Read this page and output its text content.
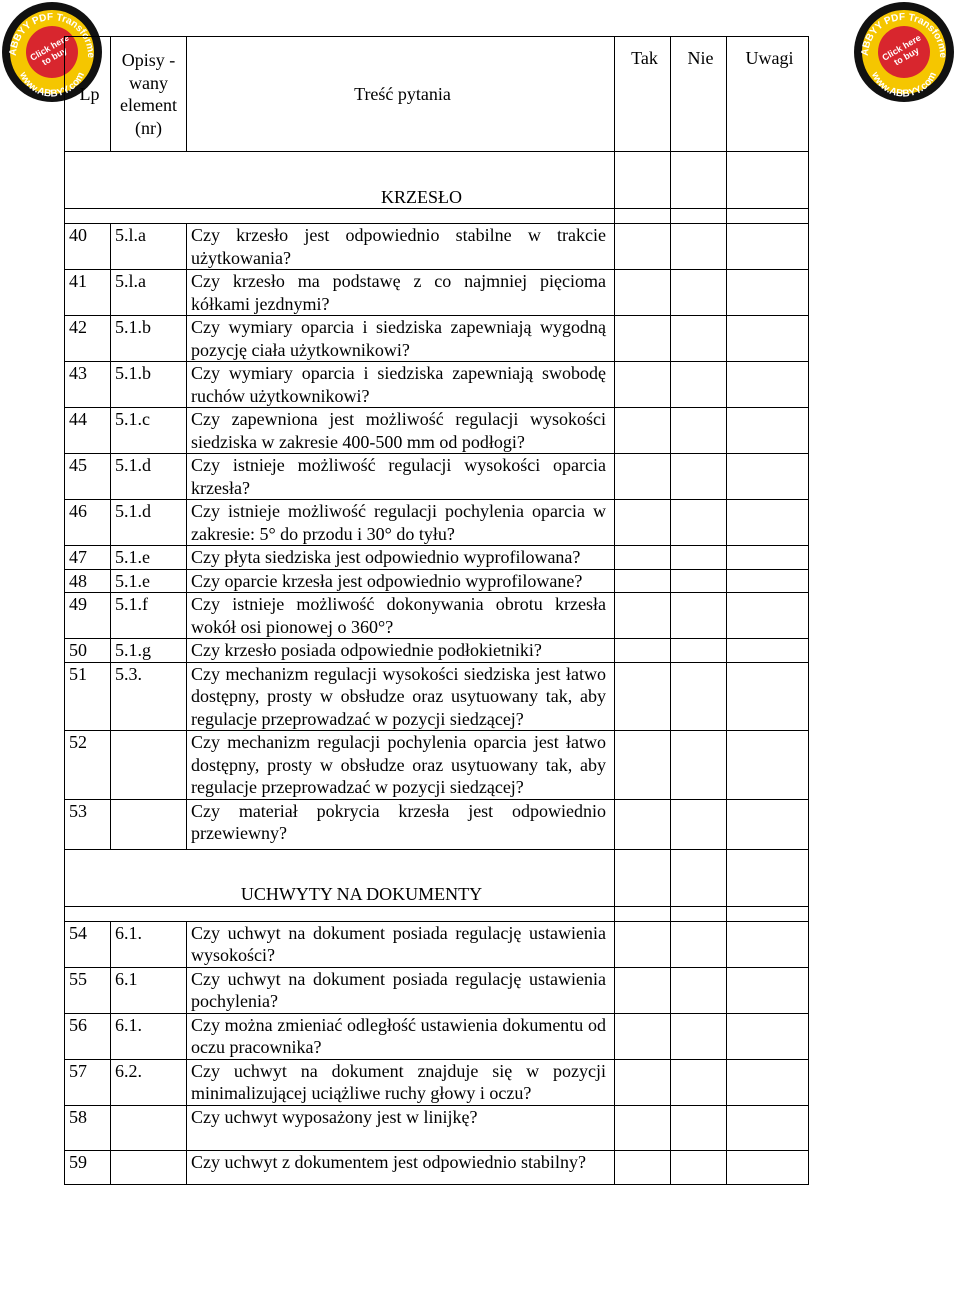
Click here to buy
ABBYY PDF Transforme
www.ABBYY.com
Click here to buy
ABBYY PDF Transforme
www.ABBYY.com
Lp	Opisy - wany element (nr)	Treść pytania	Tak	Nie	Uwagi

KRZESŁO					

40	5.l.a	Czy krzesło jest odpowiednio stabilne w trakcie użytkowania?			
41	5.l.a	Czy krzesło ma podstawę z co najmniej pięcioma kółkami jezdnymi?			
42	5.1.b	Czy wymiary oparcia i siedziska zapewniają wygodną pozycję ciała użytkownikowi?			
43	5.1.b	Czy wymiary oparcia i siedziska zapewniają swobodę ruchów użytkownikowi?			
44	5.1.c	Czy zapewniona jest możliwość regulacji wysokości siedziska w zakresie 400-500 mm od podłogi?			
45	5.1.d	Czy istnieje możliwość regulacji wysokości oparcia krzesła?			
46	5.1.d	Czy istnieje możliwość regulacji pochylenia oparcia w zakresie: 5° do przodu i 30° do tyłu?			
47	5.1.e	Czy płyta siedziska jest odpowiednio wyprofilowana?			
48	5.1.e	Czy oparcie krzesła jest odpowiednio wyprofilowane?			
49	5.1.f	Czy istnieje możliwość dokonywania obrotu krzesła wokół osi pionowej o 360°?			
50	5.1.g	Czy krzesło posiada odpowiednie podłokietniki?			
51	5.3.	Czy mechanizm regulacji wysokości siedziska jest łatwo dostępny, prosty w obsłudze oraz usytuowany tak, aby regulacje przeprowadzać w pozycji siedzącej?			
52		Czy mechanizm regulacji pochylenia oparcia jest łatwo dostępny, prosty w obsłudze oraz usytuowany tak, aby regulacje przeprowadzać w pozycji siedzącej?			
53		Czy materiał pokrycia krzesła jest odpowiednio przewiewny?			

UCHWYTY NA DOKUMENTY					

54	6.1.	Czy uchwyt na dokument posiada regulację ustawienia wysokości?			
55	6.1	Czy uchwyt na dokument posiada regulację ustawienia pochylenia?			
56	6.1.	Czy można zmieniać odległość ustawienia dokumentu od oczu pracownika?			
57	6.2.	Czy uchwyt na dokument znajduje się w pozycji minimalizującej uciążliwe ruchy głowy i oczu?			
58		Czy uchwyt wyposażony jest w linijkę?			
59		Czy uchwyt z dokumentem jest odpowiednio stabilny?			
